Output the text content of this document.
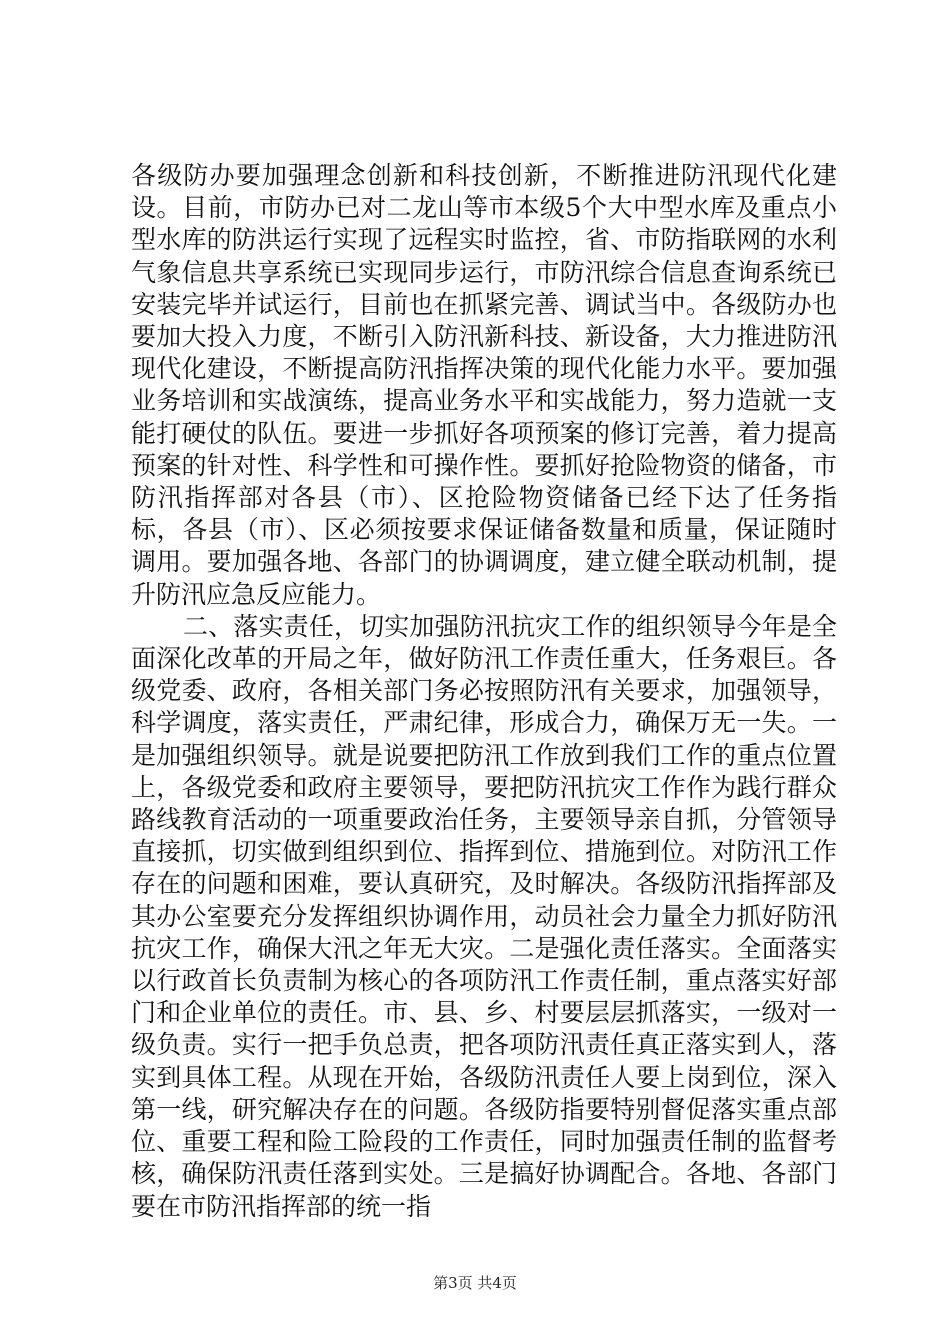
各级防办要加强理念创新和科技创新，不断推进防汛现代化建设。目前，市防办已对二龙山等市本级5个大中型水库及重点小型水库的防洪运行实现了远程实时监控，省、市防指联网的水利气象信息共享系统已实现同步运行，市防汛综合信息查询系统已安装完毕并试运行，目前也在抓紧完善、调试当中。各级防办也要加大投入力度，不断引入防汛新科技、新设备，大力推进防汛现代化建设，不断提高防汛指挥决策的现代化能力水平。要加强业务培训和实战演练，提高业务水平和实战能力，努力造就一支能打硬仗的队伍。要进一步抓好各项预案的修订完善，着力提高预案的针对性、科学性和可操作性。要抓好抢险物资的储备，市防汛指挥部对各县（市）、区抢险物资储备已经下达了任务指标，各县（市）、区必须按要求保证储备数量和质量，保证随时调用。要加强各地、各部门的协调调度，建立健全联动机制，提升防汛应急反应能力。

二、落实责任，切实加强防汛抗灾工作的组织领导今年是全面深化改革的开局之年，做好防汛工作责任重大，任务艰巨。各级党委、政府，各相关部门务必按照防汛有关要求，加强领导，科学调度，落实责任，严肃纪律，形成合力，确保万无一失。一是加强组织领导。就是说要把防汛工作放到我们工作的重点位置上，各级党委和政府主要领导，要把防汛抗灾工作作为践行群众路线教育活动的一项重要政治任务，主要领导亲自抓，分管领导直接抓，切实做到组织到位、指挥到位、措施到位。对防汛工作存在的问题和困难，要认真研究，及时解决。各级防汛指挥部及其办公室要充分发挥组织协调作用，动员社会力量全力抓好防汛抗灾工作，确保大汛之年无大灾。二是强化责任落实。全面落实以行政首长负责制为核心的各项防汛工作责任制，重点落实好部门和企业单位的责任。市、县、乡、村要层层抓落实，一级对一级负责。实行一把手负总责，把各项防汛责任真正落实到人，落实到具体工程。从现在开始，各级防汛责任人要上岗到位，深入第一线，研究解决存在的问题。各级防指要特别督促落实重点部位、重要工程和险工险段的工作责任，同时加强责任制的监督考核，确保防汛责任落到实处。三是搞好协调配合。各地、各部门要在市防汛指挥部的统一指

第3页 共4页
